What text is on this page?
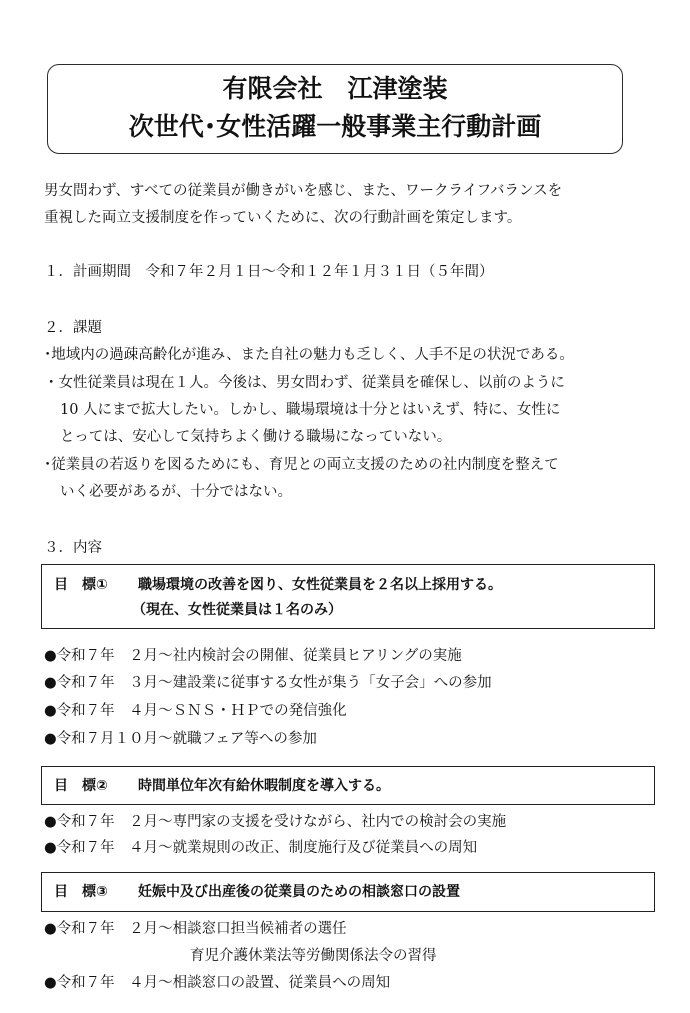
有限会社　江津塗装
次世代･女性活躍一般事業主行動計画
男女問わず、すべての従業員が働きがいを感じ、また、ワークライフバランスを
重視した両立支援制度を作っていくために、次の行動計画を策定します。
１．計画期間　令和７年２月１日～令和１２年１月３１日（５年間）
２．課題
･地域内の過疎高齢化が進み、また自社の魅力も乏しく、人手不足の状況である。
・女性従業員は現在１人。今後は、男女問わず、従業員を確保し、以前のように
10 人にまで拡大したい。しかし、職場環境は十分とはいえず、特に、女性に
とっては、安心して気持ちよく働ける職場になっていない。
･従業員の若返りを図るためにも、育児との両立支援のための社内制度を整えて
いく必要があるが、十分ではない。
３．内容
目　標① 職場環境の改善を図り、女性従業員を２名以上採用する。
（現在、女性従業員は１名のみ）
●令和７年　２月～社内検討会の開催、従業員ヒアリングの実施
●令和７年　３月～建設業に従事する女性が集う「女子会」への参加
●令和７年　４月～ＳＮＳ・ＨＰでの発信強化
●令和７月１０月～就職フェア等への参加
目　標② 時間単位年次有給休暇制度を導入する。
●令和７年　２月～専門家の支援を受けながら、社内での検討会の実施
●令和７年　４月～就業規則の改正、制度施行及び従業員への周知
目　標③ 妊娠中及び出産後の従業員のための相談窓口の設置
●令和７年　２月～相談窓口担当候補者の選任
育児介護休業法等労働関係法令の習得
●令和７年　４月～相談窓口の設置、従業員への周知
